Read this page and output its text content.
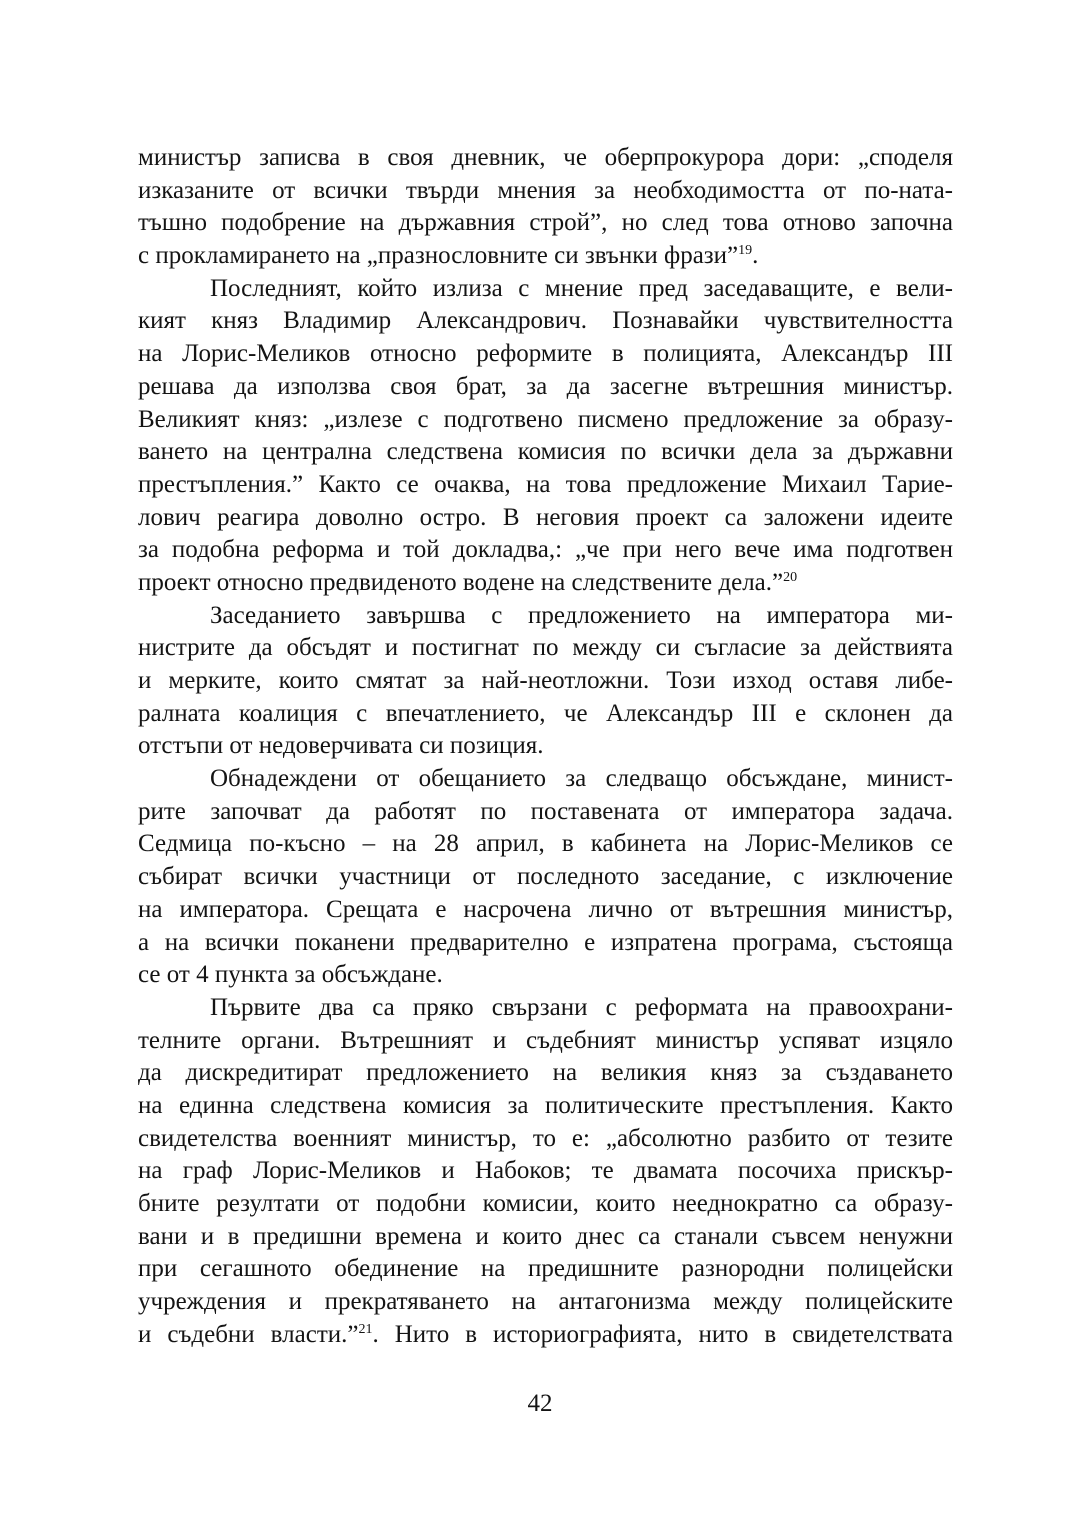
министър записва в своя дневник, че оберпрокурора дори: „споделя
изказаните от всички твърди мнения за необходимостта от по-ната-
тъшно подобрение на държавния строй”, но след това отново започна
с прокламирането на „празнословните си звънки фрази”$^{19}$.
Последният, който излиза с мнение пред заседаващите, е вели-
кият княз Владимир Александрович. Познавайки чувствителността
на Лорис-Меликов относно реформите в полицията, Александър III
решава да използва своя брат, за да засегне вътрешния министър.
Великият княз: „излезе с подготвено писмено предложение за образу-
ването на централна следствена комисия по всички дела за държавни
престъпления.” Както се очаква, на това предложение Михаил Тарие-
лович реагира доволно остро. В неговия проект са заложени идеите
за подобна реформа и той докладва,: „че при него вече има подготвен
проект относно предвиденото водене на следствените дела.”$^{20}$
Заседанието завършва с предложението на императора ми-
нистрите да обсъдят и постигнат по между си съгласие за действията
и мерките, които смятат за най-неотложни. Този изход оставя либе-
ралната коалиция с впечатлението, че Александър III е склонен да
отстъпи от недоверчивата си позиция.
Обнадеждени от обещанието за следващо обсъждане, минист-
рите започват да работят по поставената от императора задача.
Седмица по-късно – на 28 април, в кабинета на Лорис-Меликов се
събират всички участници от последното заседание, с изключение
на императора. Срещата е насрочена лично от вътрешния министър,
а на всички поканени предварително е изпратена програма, състояща
се от 4 пункта за обсъждане.
Първите два са пряко свързани с реформата на правоохрани-
телните органи. Вътрешният и съдебният министър успяват изцяло
да дискредитират предложението на великия княз за създаването
на единна следствена комисия за политическите престъпления. Както
свидетелства военният министър, то е: „абсолютно разбито от тезите
на граф Лорис-Меликов и Набоков; те двамата посочиха прискър-
бните резултати от подобни комисии, които нееднократно са образу-
вани и в предишни времена и които днес са станали съвсем ненужни
при сегашното обединение на предишните разнородни полицейски
учреждения и прекратяването на антагонизма между полицейските
и съдебни власти.”$^{21}$. Нито в историографията, нито в свидетелствата
42
